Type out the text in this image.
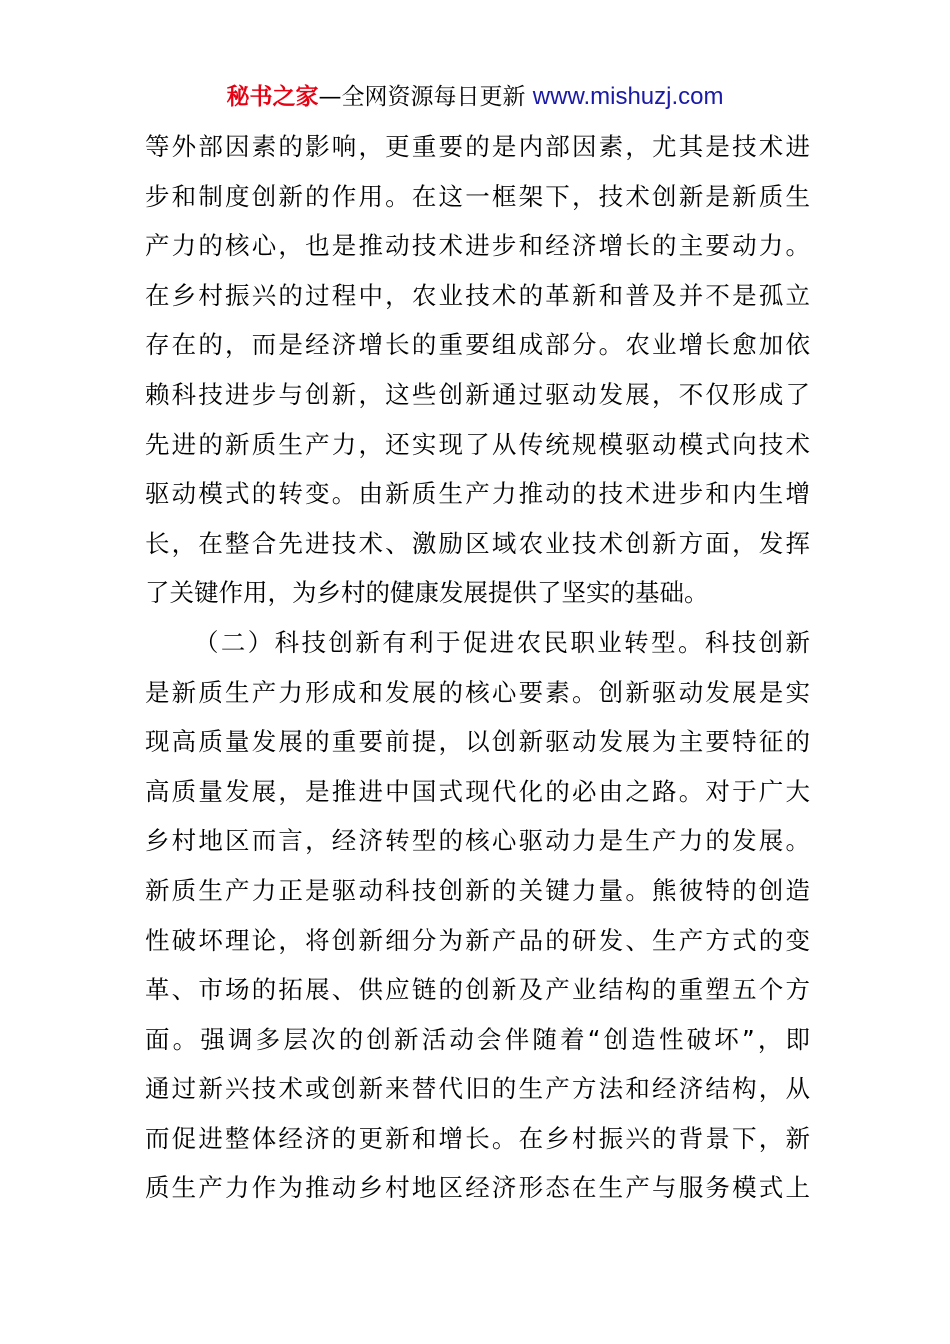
秘书之家—全网资源每日更新 www.mishuzj.com
等外部因素的影响，更重要的是内部因素，尤其是技术进
步和制度创新的作用。在这一框架下，技术创新是新质生
产力的核心，也是推动技术进步和经济增长的主要动力。
在乡村振兴的过程中，农业技术的革新和普及并不是孤立
存在的，而是经济增长的重要组成部分。农业增长愈加依
赖科技进步与创新，这些创新通过驱动发展，不仅形成了
先进的新质生产力，还实现了从传统规模驱动模式向技术
驱动模式的转变。由新质生产力推动的技术进步和内生增
长，在整合先进技术、激励区域农业技术创新方面，发挥
了关键作用，为乡村的健康发展提供了坚实的基础。
（二）科技创新有利于促进农民职业转型。科技创新
是新质生产力形成和发展的核心要素。创新驱动发展是实
现高质量发展的重要前提，以创新驱动发展为主要特征的
高质量发展，是推进中国式现代化的必由之路。对于广大
乡村地区而言，经济转型的核心驱动力是生产力的发展。
新质生产力正是驱动科技创新的关键力量。熊彼特的创造
性破坏理论，将创新细分为新产品的研发、生产方式的变
革、市场的拓展、供应链的创新及产业结构的重塑五个方
面。强调多层次的创新活动会伴随着“创造性破坏”，即
通过新兴技术或创新来替代旧的生产方法和经济结构，从
而促进整体经济的更新和增长。在乡村振兴的背景下，新
质生产力作为推动乡村地区经济形态在生产与服务模式上
